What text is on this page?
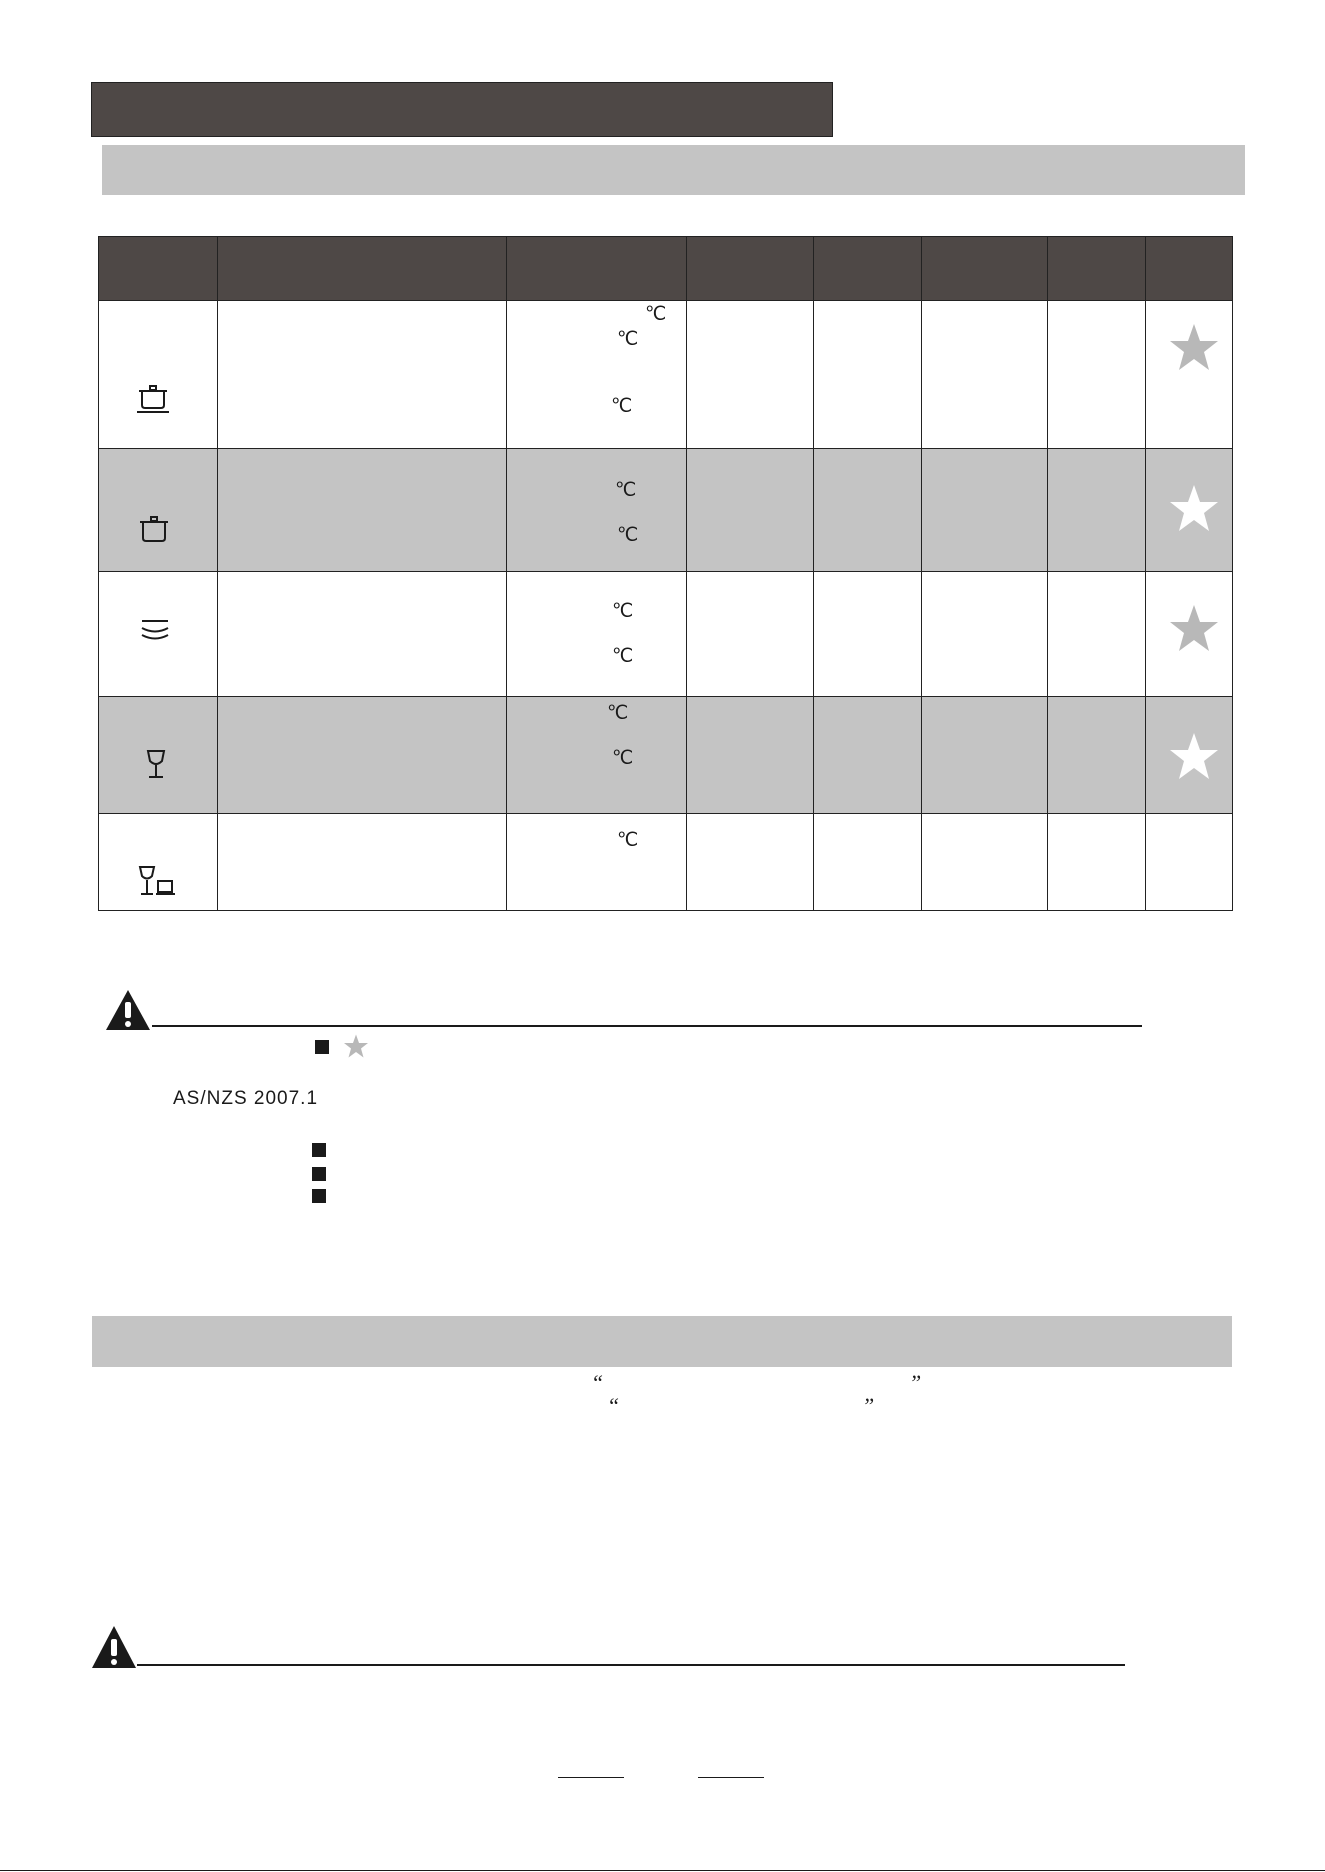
℃
℃
℃
℃
℃
℃
℃
℃
℃
℃
AS/NZS 2007.1
“	”
“	”
